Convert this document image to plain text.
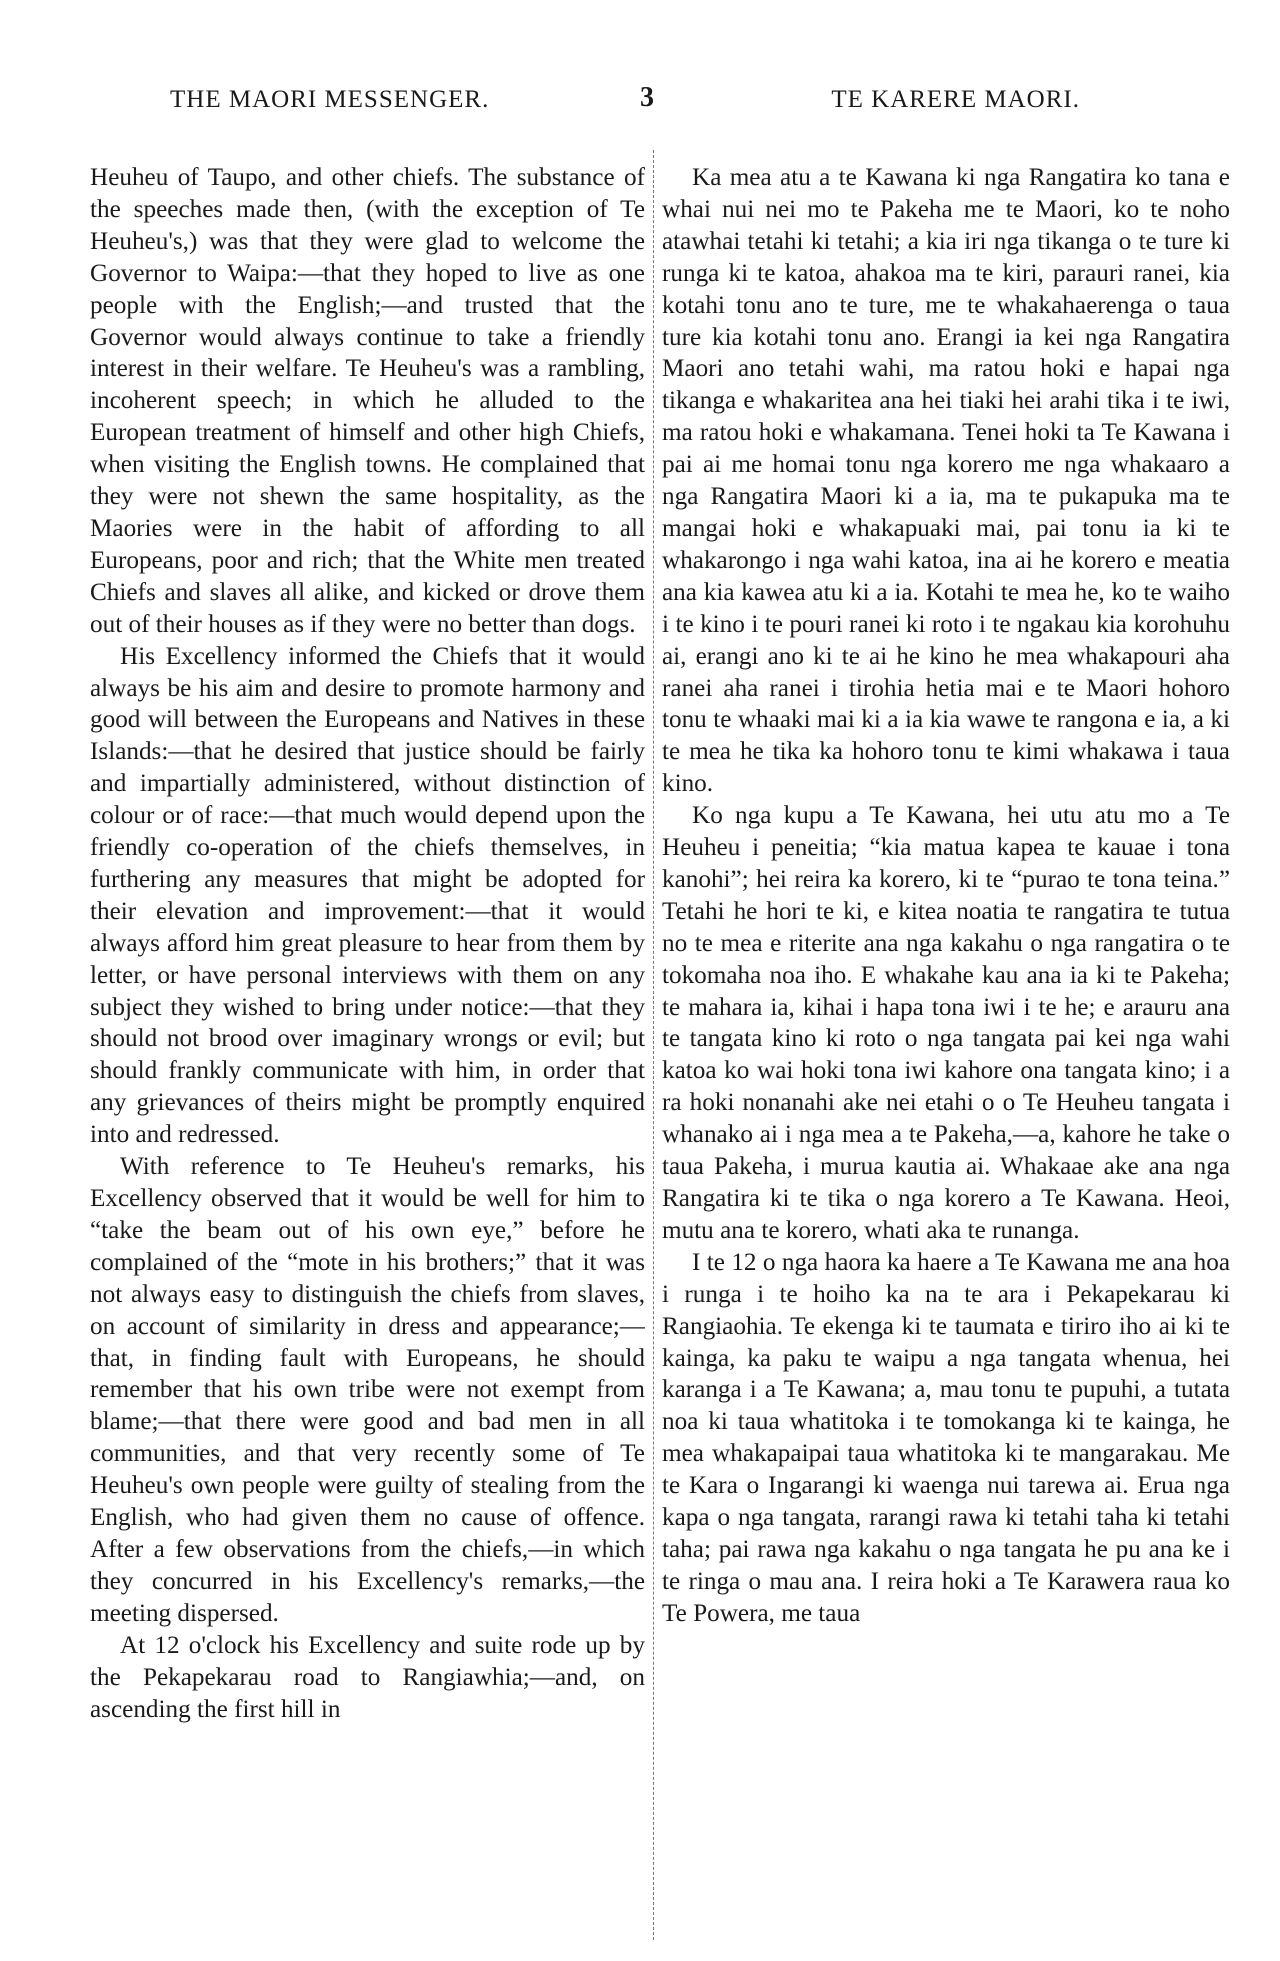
THE MAORI MESSENGER.	3	TE KARERE MAORI.

Heuheu of Taupo, and other chiefs. The substance of the speeches made then, (with the exception of Te Heuheu's,) was that they were glad to welcome the Governor to Waipa:—that they hoped to live as one people with the English;—and trusted that the Governor would always continue to take a friendly interest in their welfare. Te Heuheu's was a rambling, incoherent speech; in which he alluded to the European treatment of himself and other high Chiefs, when visiting the English towns. He complained that they were not shewn the same hospitality, as the Maories were in the habit of affording to all Europeans, poor and rich; that the White men treated Chiefs and slaves all alike, and kicked or drove them out of their houses as if they were no better than dogs.

His Excellency informed the Chiefs that it would always be his aim and desire to promote harmony and good will between the Europeans and Natives in these Islands:—that he desired that justice should be fairly and impartially administered, without distinction of colour or of race:—that much would depend upon the friendly co-operation of the chiefs themselves, in furthering any measures that might be adopted for their elevation and improvement:—that it would always afford him great pleasure to hear from them by letter, or have personal interviews with them on any subject they wished to bring under notice:—that they should not brood over imaginary wrongs or evil; but should frankly communicate with him, in order that any grievances of theirs might be promptly enquired into and redressed.

With reference to Te Heuheu's remarks, his Excellency observed that it would be well for him to “take the beam out of his own eye,” before he complained of the “mote in his brothers;” that it was not always easy to distinguish the chiefs from slaves, on account of similarity in dress and appearance;—that, in finding fault with Europeans, he should remember that his own tribe were not exempt from blame;—that there were good and bad men in all communities, and that very recently some of Te Heuheu's own people were guilty of stealing from the English, who had given them no cause of offence. After a few observations from the chiefs,—in which they concurred in his Excellency's remarks,—the meeting dispersed.

At 12 o'clock his Excellency and suite rode up by the Pekapekarau road to Rangiawhia;—and, on ascending the first hill in

Ka mea atu a te Kawana ki nga Rangatira ko tana e whai nui nei mo te Pakeha me te Maori, ko te noho atawhai tetahi ki tetahi; a kia iri nga tikanga o te ture ki runga ki te katoa, ahakoa ma te kiri, parauri ranei, kia kotahi tonu ano te ture, me te whakahaerenga o taua ture kia kotahi tonu ano. Erangi ia kei nga Rangatira Maori ano tetahi wahi, ma ratou hoki e hapai nga tikanga e whakaritea ana hei tiaki hei arahi tika i te iwi, ma ratou hoki e whakamana. Tenei hoki ta Te Kawana i pai ai me homai tonu nga korero me nga whakaaro a nga Rangatira Maori ki a ia, ma te pukapuka ma te mangai hoki e whakapuaki mai, pai tonu ia ki te whakarongo i nga wahi katoa, ina ai he korero e meatia ana kia kawea atu ki a ia. Kotahi te mea he, ko te waiho i te kino i te pouri ranei ki roto i te ngakau kia korohuhu ai, erangi ano ki te ai he kino he mea whakapouri aha ranei aha ranei i tirohia hetia mai e te Maori hohoro tonu te whaaki mai ki a ia kia wawe te rangona e ia, a ki te mea he tika ka hohoro tonu te kimi whakawa i taua kino.

Ko nga kupu a Te Kawana, hei utu atu mo a Te Heuheu i peneitia; “kia matua kapea te kauae i tona kanohi”; hei reira ka korero, ki te “purao te tona teina.” Tetahi he hori te ki, e kitea noatia te rangatira te tutua no te mea e riterite ana nga kakahu o nga rangatira o te tokomaha noa iho. E whakahe kau ana ia ki te Pakeha; te mahara ia, kihai i hapa tona iwi i te he; e arauru ana te tangata kino ki roto o nga tangata pai kei nga wahi katoa ko wai hoki tona iwi kahore ona tangata kino; i a ra hoki nonanahi ake nei etahi o o Te Heuheu tangata i whanako ai i nga mea a te Pakeha,—a, kahore he take o taua Pakeha, i murua kautia ai. Whakaae ake ana nga Rangatira ki te tika o nga korero a Te Kawana. Heoi, mutu ana te korero, whati aka te runanga.

I te 12 o nga haora ka haere a Te Kawana me ana hoa i runga i te hoiho ka na te ara i Pekapekarau ki Rangiaohia. Te ekenga ki te taumata e tiriro iho ai ki te kainga, ka paku te waipu a nga tangata whenua, hei karanga i a Te Kawana; a, mau tonu te pupuhi, a tutata noa ki taua whatitoka i te tomokanga ki te kainga, he mea whakapaipai taua whatitoka ki te mangarakau. Me te Kara o Ingarangi ki waenga nui tarewa ai. Erua nga kapa o nga tangata, rarangi rawa ki tetahi taha ki tetahi taha; pai rawa nga kakahu o nga tangata he pu ana ke i te ringa o mau ana. I reira hoki a Te Karawera raua ko Te Powera, me taua
